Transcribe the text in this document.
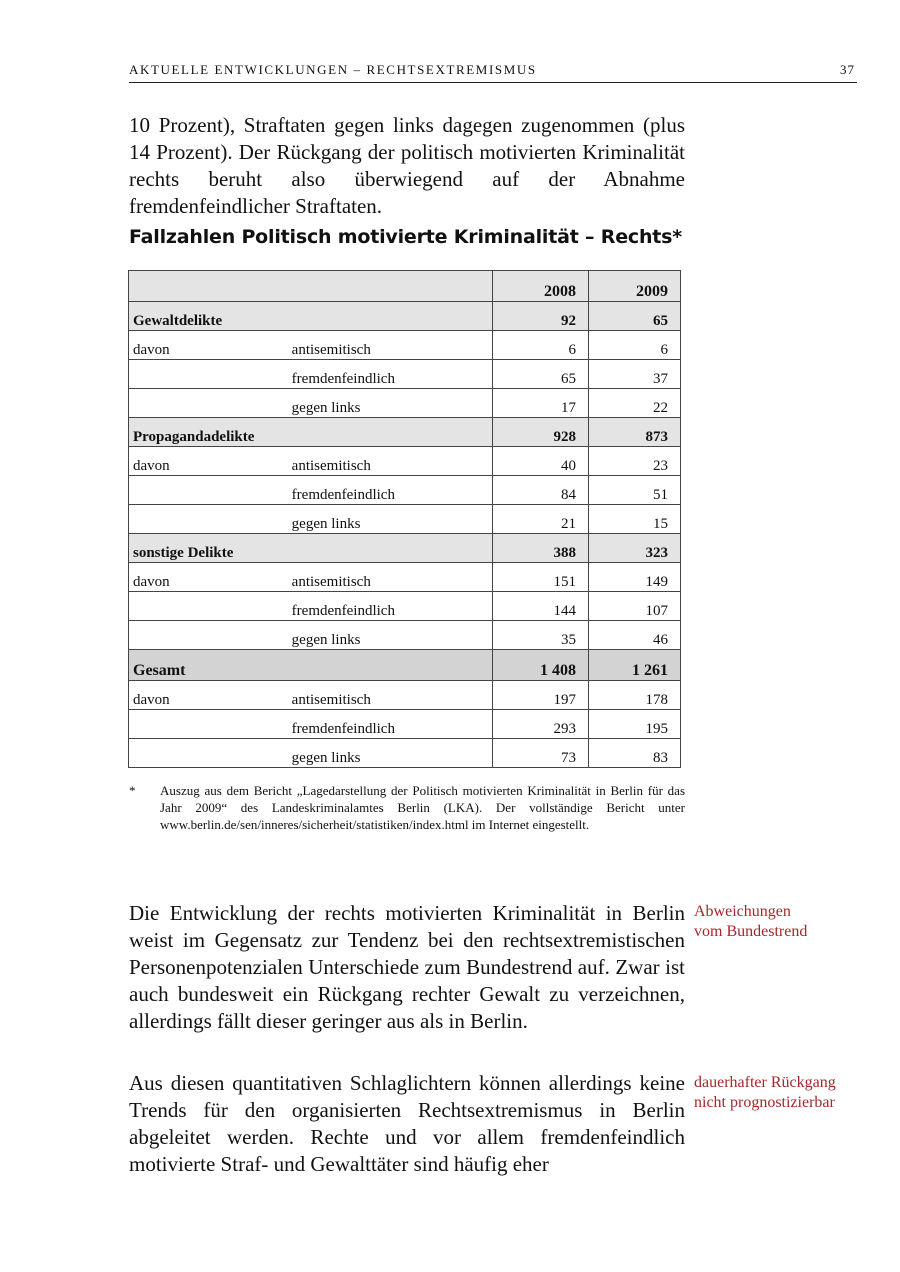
AKTUELLE ENTWICKLUNGEN – RECHTSEXTREMISMUS	37

10 Prozent), Straftaten gegen links dagegen zugenommen (plus 14 Prozent). Der Rückgang der politisch motivierten Kriminalität rechts beruht also überwiegend auf der Abnahme fremdenfeindlicher Straftaten.

Fallzahlen Politisch motivierte Kriminalität – Rechts*
		2008	2009
Gewaltdelikte		92	65
davon	antisemitisch	6	6
	fremdenfeindlich	65	37
	gegen links	17	22
Propagandadelikte		928	873
davon	antisemitisch	40	23
	fremdenfeindlich	84	51
	gegen links	21	15
sonstige Delikte		388	323
davon	antisemitisch	151	149
	fremdenfeindlich	144	107
	gegen links	35	46
Gesamt		1 408	1 261
davon	antisemitisch	197	178
	fremdenfeindlich	293	195
	gegen links	73	83
* Auszug aus dem Bericht „Lagedarstellung der Politisch motivierten Kriminalität in Berlin für das Jahr 2009“ des Landeskriminalamtes Berlin (LKA). Der vollständige Bericht unter www.berlin.de/sen/inneres/sicherheit/statistiken/index.html im Internet eingestellt.

Die Entwicklung der rechts motivierten Kriminalität in Berlin weist im Gegensatz zur Tendenz bei den rechtsextremistischen Personenpotenzialen Unterschiede zum Bundestrend auf. Zwar ist auch bundesweit ein Rückgang rechter Gewalt zu verzeichnen, allerdings fällt dieser geringer aus als in Berlin.

Abweichungen
vom Bundestrend

Aus diesen quantitativen Schlaglichtern können allerdings keine Trends für den organisierten Rechtsextremismus in Berlin abgeleitet werden. Rechte und vor allem fremdenfeindlich motivierte Straf- und Gewalttäter sind häufig eher

dauerhafter Rückgang
nicht prognostizierbar
